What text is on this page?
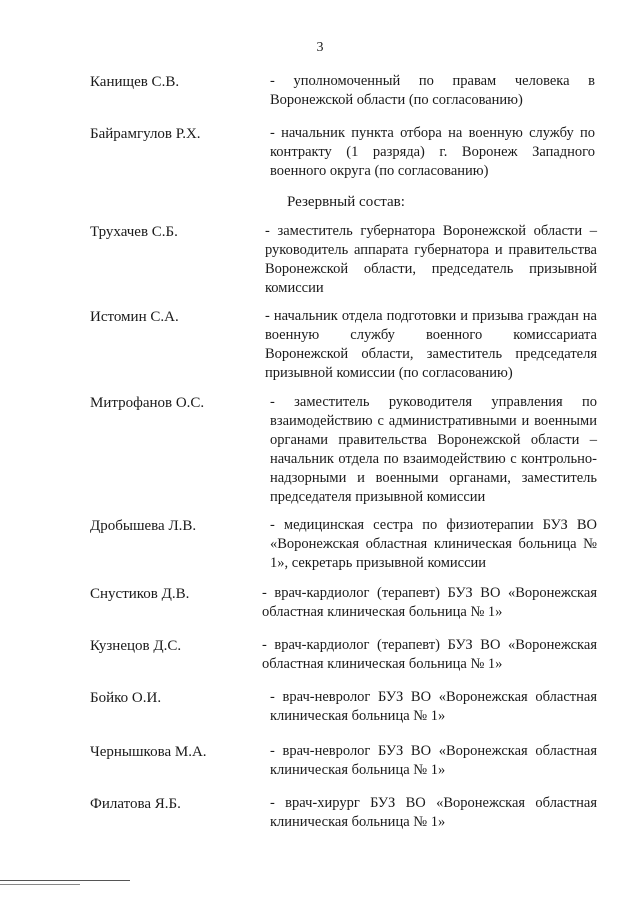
3
Канищев С.В.	- уполномоченный по правам человека в Воронежской области (по согласованию)
Байрамгулов Р.Х.	- начальник пункта отбора на военную службу по контракту (1 разряда) г. Воронеж Западного военного округа (по согласованию)
Резервный состав:
Трухачев С.Б.	- заместитель губернатора Воронежской области – руководитель аппарата губернатора и правительства Воронежской области, председатель призывной комиссии
Истомин С.А.	- начальник отдела подготовки и призыва граждан на военную службу военного комиссариата Воронежской области, заместитель председателя призывной комиссии (по согласованию)
Митрофанов О.С.	- заместитель руководителя управления по взаимодействию с административными и военными органами правительства Воронежской области – начальник отдела по взаимодействию с контрольно-надзорными и военными органами, заместитель председателя призывной комиссии
Дробышева Л.В.	- медицинская сестра по физиотерапии БУЗ ВО «Воронежская областная клиническая больница № 1», секретарь призывной комиссии
Снустиков Д.В.	- врач-кардиолог (терапевт) БУЗ ВО «Воронежская областная клиническая больница № 1»
Кузнецов Д.С.	- врач-кардиолог (терапевт) БУЗ ВО «Воронежская областная клиническая больница № 1»
Бойко О.И.	- врач-невролог БУЗ ВО «Воронежская областная клиническая больница № 1»
Чернышкова М.А.	- врач-невролог БУЗ ВО «Воронежская областная клиническая больница № 1»
Филатова Я.Б.	- врач-хирург БУЗ ВО «Воронежская областная клиническая больница № 1»
